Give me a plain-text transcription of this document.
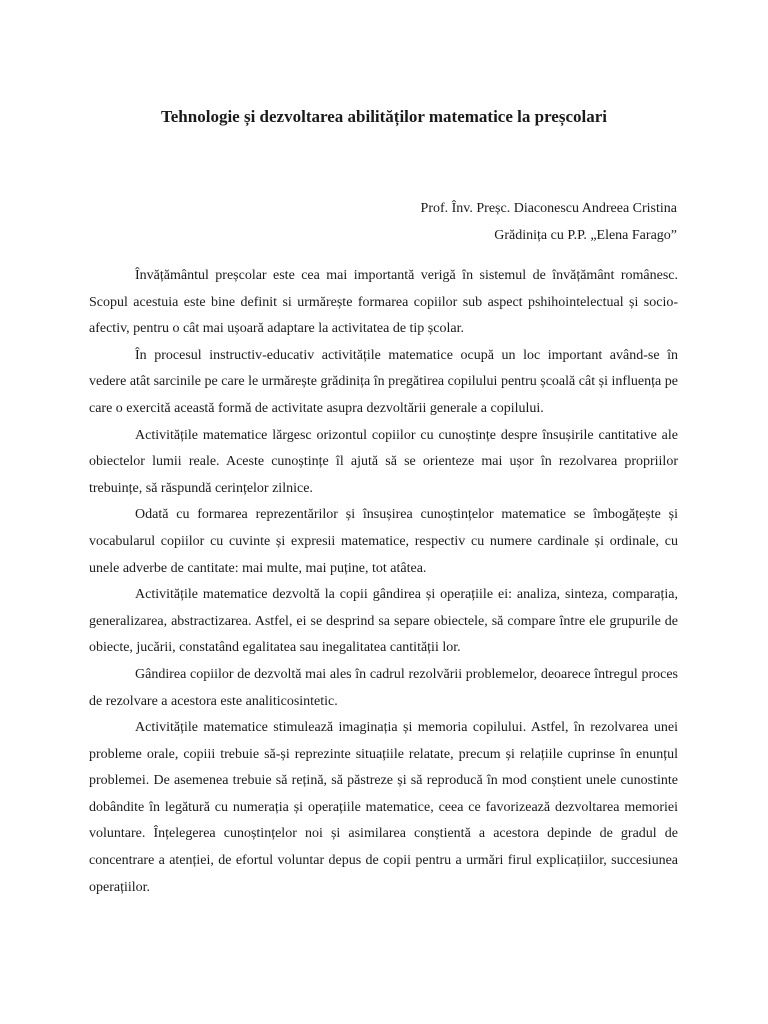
Tehnologie și dezvoltarea abilităților matematice la preșcolari
Prof. Înv. Preșc. Diaconescu Andreea Cristina
Grădinița cu P.P. „Elena Farago”

Învățământul preșcolar este cea mai importantă verigă în sistemul de învățământ românesc. Scopul acestuia este bine definit si urmărește formarea copiilor sub aspect pshihointelectual și socio-afectiv, pentru o cât mai ușoară adaptare la activitatea de tip școlar.

În procesul instructiv-educativ activitățile matematice ocupă un loc important având-se în vedere atât sarcinile pe care le urmărește grădinița în pregătirea copilului pentru școală cât și influența pe care o exercită această formă de activitate asupra dezvoltării generale a copilului.

Activitățile matematice lărgesc orizontul copiilor cu cunoștințe despre însușirile cantitative ale obiectelor lumii reale. Aceste cunoștințe îl ajută să se orienteze mai ușor în rezolvarea propriilor trebuințe, să răspundă cerințelor zilnice.

Odată cu formarea reprezentărilor și însușirea cunoștințelor matematice se îmbogățește și vocabularul copiilor cu cuvinte și expresii matematice, respectiv cu numere cardinale și ordinale, cu unele adverbe de cantitate: mai multe, mai puține, tot atâtea.

Activitățile matematice dezvoltă la copii gândirea și operațiile ei: analiza, sinteza, comparația, generalizarea, abstractizarea. Astfel, ei se desprind sa separe obiectele, să compare între ele grupurile de obiecte, jucării, constatând egalitatea sau inegalitatea cantității lor.

Gândirea copiilor de dezvoltă mai ales în cadrul rezolvării problemelor, deoarece întregul proces de rezolvare a acestora este analiticosintetic.

Activitățile matematice stimulează imaginația și memoria copilului. Astfel, în rezolvarea unei probleme orale, copiii trebuie să-și reprezinte situațiile relatate, precum și relațiile cuprinse în enunțul problemei. De asemenea trebuie să rețină, să păstreze și să reproducă în mod conștient unele cunostinte dobândite în legătură cu numerația și operațiile matematice, ceea ce favorizează dezvoltarea memoriei voluntare. Înțelegerea cunoștințelor noi și asimilarea conștientă a acestora depinde de gradul de concentrare a atenției, de efortul voluntar depus de copii pentru a urmări firul explicațiilor, succesiunea operațiilor.
